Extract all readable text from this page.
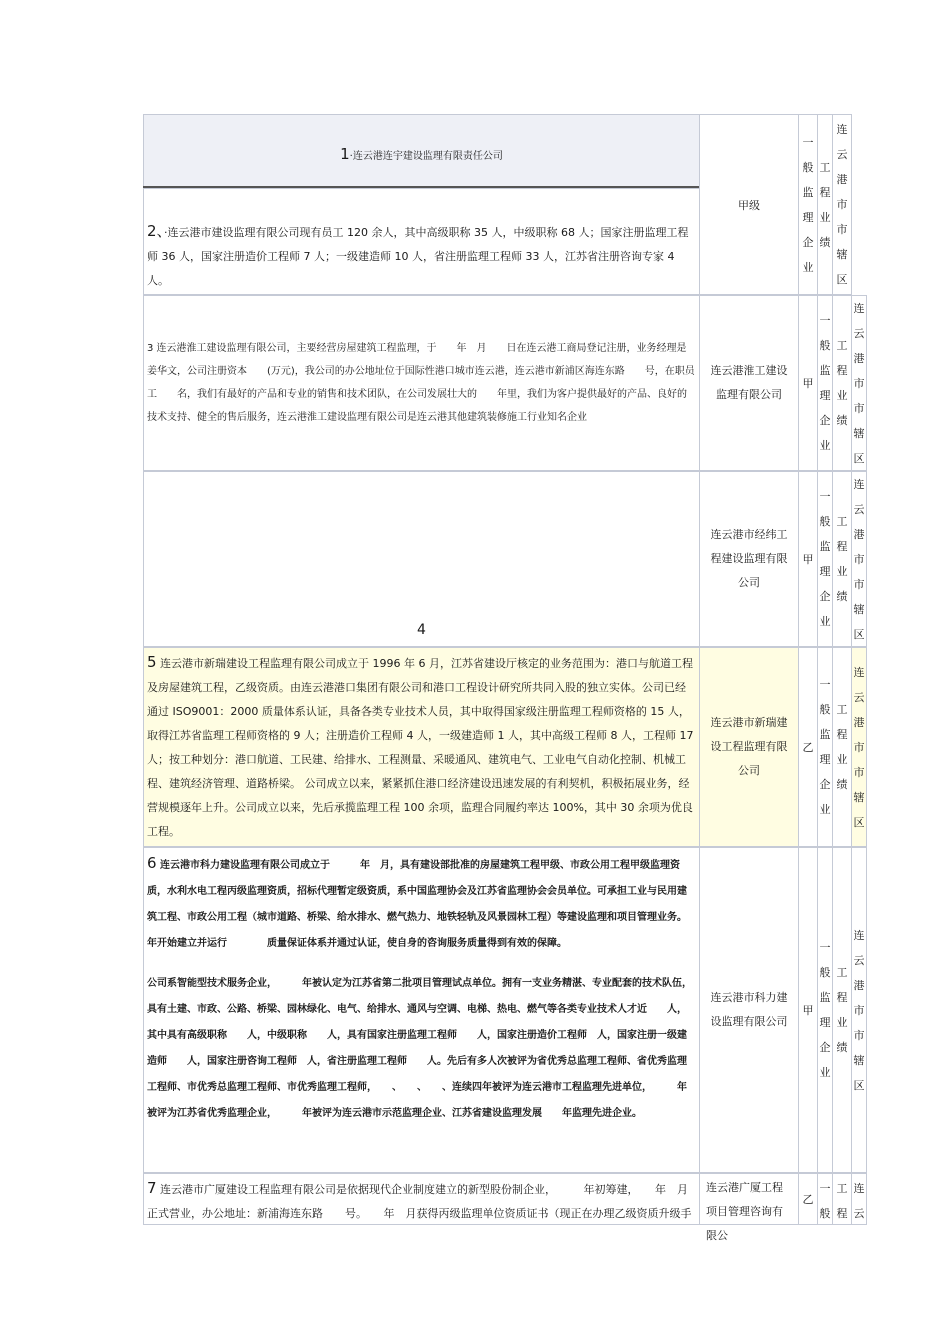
1·连云港连宇建设监理有限责任公司
2、·连云港市建设监理有限公司现有员工 120 余人，其中高级职称 35 人，中级职称 68 人；国家注册监理工程师 36 人，国家注册造价工程师 7 人；一级建造师 10 人，省注册监理工程师 33 人，江苏省注册咨询专家 4 人。
甲级
一般监理企业
工程业绩
连云港市市辖区
3 连云港淮工建设监理有限公司，主要经营房屋建筑工程监理，于　　年　月　　日在连云港工商局登记注册，业务经理是姜华文，公司注册资本　　(万元)，我公司的办公地址位于国际性港口城市连云港，连云港市新浦区海连东路　　号，在职员工　　名，我们有最好的产品和专业的销售和技术团队，在公司发展壮大的　　年里，我们为客户提供最好的产品、良好的技术支持、健全的售后服务，连云港淮工建设监理有限公司是连云港其他建筑装修施工行业知名企业
连云港淮工建设监理有限公司
甲
一般监理企业
工程业绩
连云港市市辖区
4
连云港市经纬工程建设监理有限公司
甲
一般监理企业
工程业绩
连云港市市辖区
5 连云港市新瑞建设工程监理有限公司成立于 1996 年 6 月，江苏省建设厅核定的业务范围为：港口与航道工程及房屋建筑工程，乙级资质。由连云港港口集团有限公司和港口工程设计研究所共同入股的独立实体。公司已经通过 ISO9001：2000 质量体系认证，具备各类专业技术人员，其中取得国家级注册监理工程师资格的 15 人，取得江苏省监理工程师资格的 9 人；注册造价工程师 4 人，一级建造师 1 人，其中高级工程师 8 人，工程师 17 人；按工种划分：港口航道、工民建、给排水、工程测量、采暖通风、建筑电气、工业电气自动化控制、机械工程、建筑经济管理、道路桥梁。 公司成立以来，紧紧抓住港口经济建设迅速发展的有利契机，积极拓展业务，经营规模逐年上升。公司成立以来，先后承揽监理工程 100 余项，监理合同履约率达 100%，其中 30 余项为优良工程。
连云港市新瑞建设工程监理有限公司
乙
一般监理企业
工程业绩
连云港市市辖区
6 连云港市科力建设监理有限公司成立于　　　年　月，具有建设部批准的房屋建筑工程甲级、市政公用工程甲级监理资质，水利水电工程丙级监理资质，招标代理暂定级资质，系中国监理协会及江苏省监理协会会员单位。可承担工业与民用建筑工程、市政公用工程（城市道路、桥梁、给水排水、燃气热力、地铁轻轨及风景园林工程）等建设监理和项目管理业务。　　　年开始建立并运行　　　　质量保证体系并通过认证，使自身的咨询服务质量得到有效的保障。
公司系智能型技术服务企业，　　　年被认定为江苏省第二批项目管理试点单位。拥有一支业务精湛、专业配套的技术队伍，具有土建、市政、公路、桥梁、园林绿化、电气、给排水、通风与空调、电梯、热电、燃气等各类专业技术人才近　　人，其中具有高级职称　　人，中级职称　　人，具有国家注册监理工程师　　人，国家注册造价工程师　人，国家注册一级建造师　　人，国家注册咨询工程师　人，省注册监理工程师　　人。先后有多人次被评为省优秀总监理工程师、省优秀监理工程师、市优秀总监理工程师、市优秀监理工程师，　　、　　、　　、连续四年被评为连云港市工程监理先进单位，　　　年被评为江苏省优秀监理企业，　　　年被评为连云港市示范监理企业、江苏省建设监理发展　　年监理先进企业。
连云港市科力建设监理有限公司
甲
一般监理企业
工程业绩
连云港市市辖区
7 连云港市广厦建设工程监理有限公司是依据现代企业制度建立的新型股份制企业，　　　年初筹建，　　年　月正式营业，办公地址：新浦海连东路　　号。　　年　月获得丙级监理单位资质证书（现正在办理乙级资质升级手
连云港广厦工程项目管理咨询有限公
乙
一般
工程
连云
